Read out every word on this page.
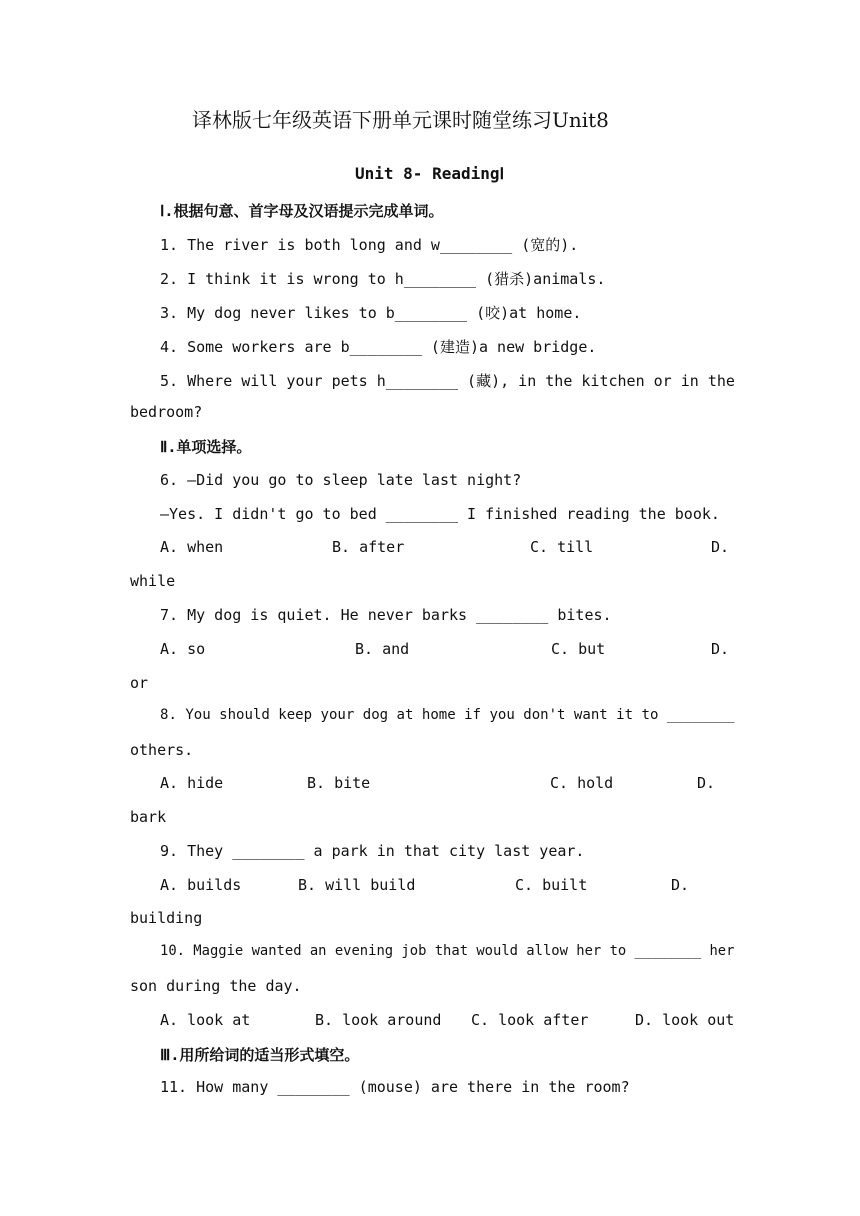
译林版七年级英语下册单元课时随堂练习Unit8
Unit 8- ReadingⅠ
Ⅰ.根据句意、首字母及汉语提示完成单词。
1. The river is both long and w________ (宽的).
2. I think it is wrong to h________ (猎杀)animals.
3. My dog never likes to b________ (咬)at home.
4. Some workers are b________ (建造)a new bridge.
5. Where will your pets h________ (藏), in the kitchen or in the
bedroom?
Ⅱ.单项选择。
6. —Did you go to sleep late last night?
—Yes. I didn't go to bed ________ I finished reading the book.
A. when	B. after	C. till	D.
while
7. My dog is quiet. He never barks ________ bites.
A. so	B. and	C. but	D.
or
8. You should keep your dog at home if you don't want it to ________
others.
A. hide	B. bite	C. hold	D.
bark
9. They ________ a park in that city last year.
A. builds	B. will build	C. built	D.
building
10. Maggie wanted an evening job that would allow her to ________ her
son during the day.
A. look at	B. look around C. look after	D. look out
Ⅲ.用所给词的适当形式填空。
11. How many ________ (mouse) are there in the room?
